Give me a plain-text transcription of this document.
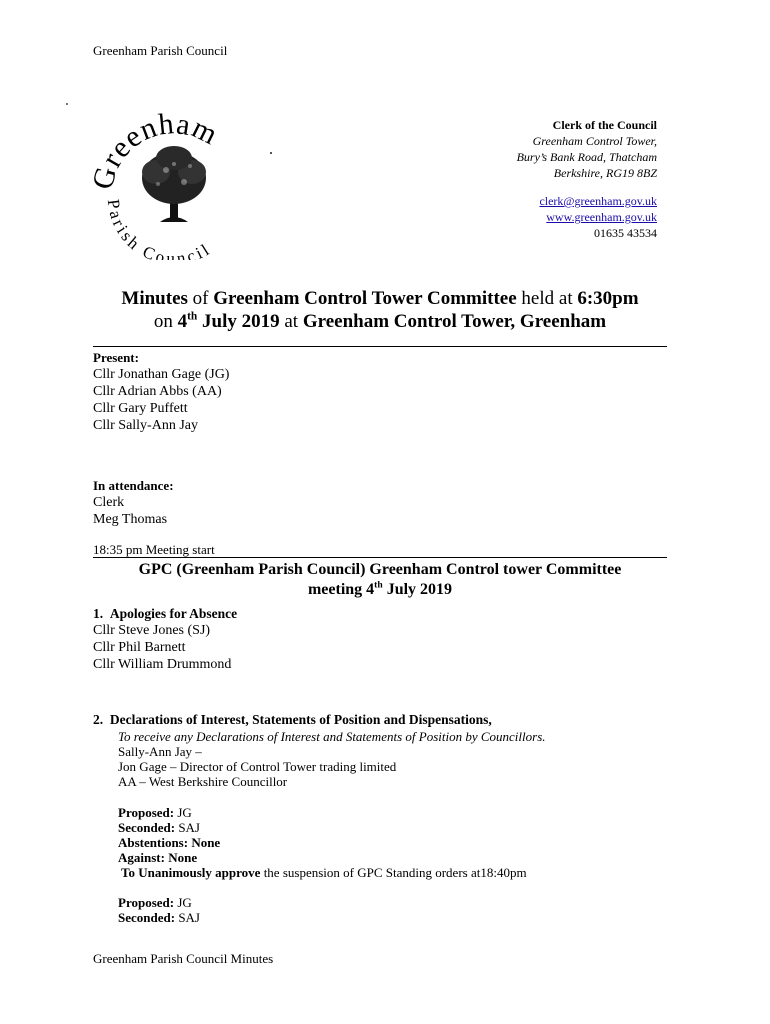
Greenham Parish Council
reenham
Parish Council
Clerk of the Council
Greenham Control Tower,
Bury’s Bank Road, Thatcham
Berkshire, RG19 8BZ
clerk@greenham.gov.uk
www.greenham.gov.uk
01635 43534
Minutes of Greenham Control Tower Committee held at 6:30pm
on 4th July 2019 at Greenham Control Tower, Greenham
Present:
Cllr Jonathan Gage (JG)
Cllr Adrian Abbs (AA)
Cllr Gary Puffett
Cllr Sally-Ann Jay
In attendance:
Clerk
Meg Thomas
18:35 pm Meeting start
GPC (Greenham Parish Council) Greenham Control tower Committee
meeting 4th July 2019
1.  Apologies for Absence
Cllr Steve Jones (SJ)
Cllr Phil Barnett
Cllr William Drummond
2.  Declarations of Interest, Statements of Position and Dispensations,
To receive any Declarations of Interest and Statements of Position by Councillors.
Sally-Ann Jay –
Jon Gage – Director of Control Tower trading limited
AA – West Berkshire Councillor
Proposed: JG
Seconded: SAJ
Abstentions: None
Against: None
To Unanimously approve the suspension of GPC Standing orders at18:40pm
Proposed: JG
Seconded: SAJ
Greenham Parish Council Minutes
